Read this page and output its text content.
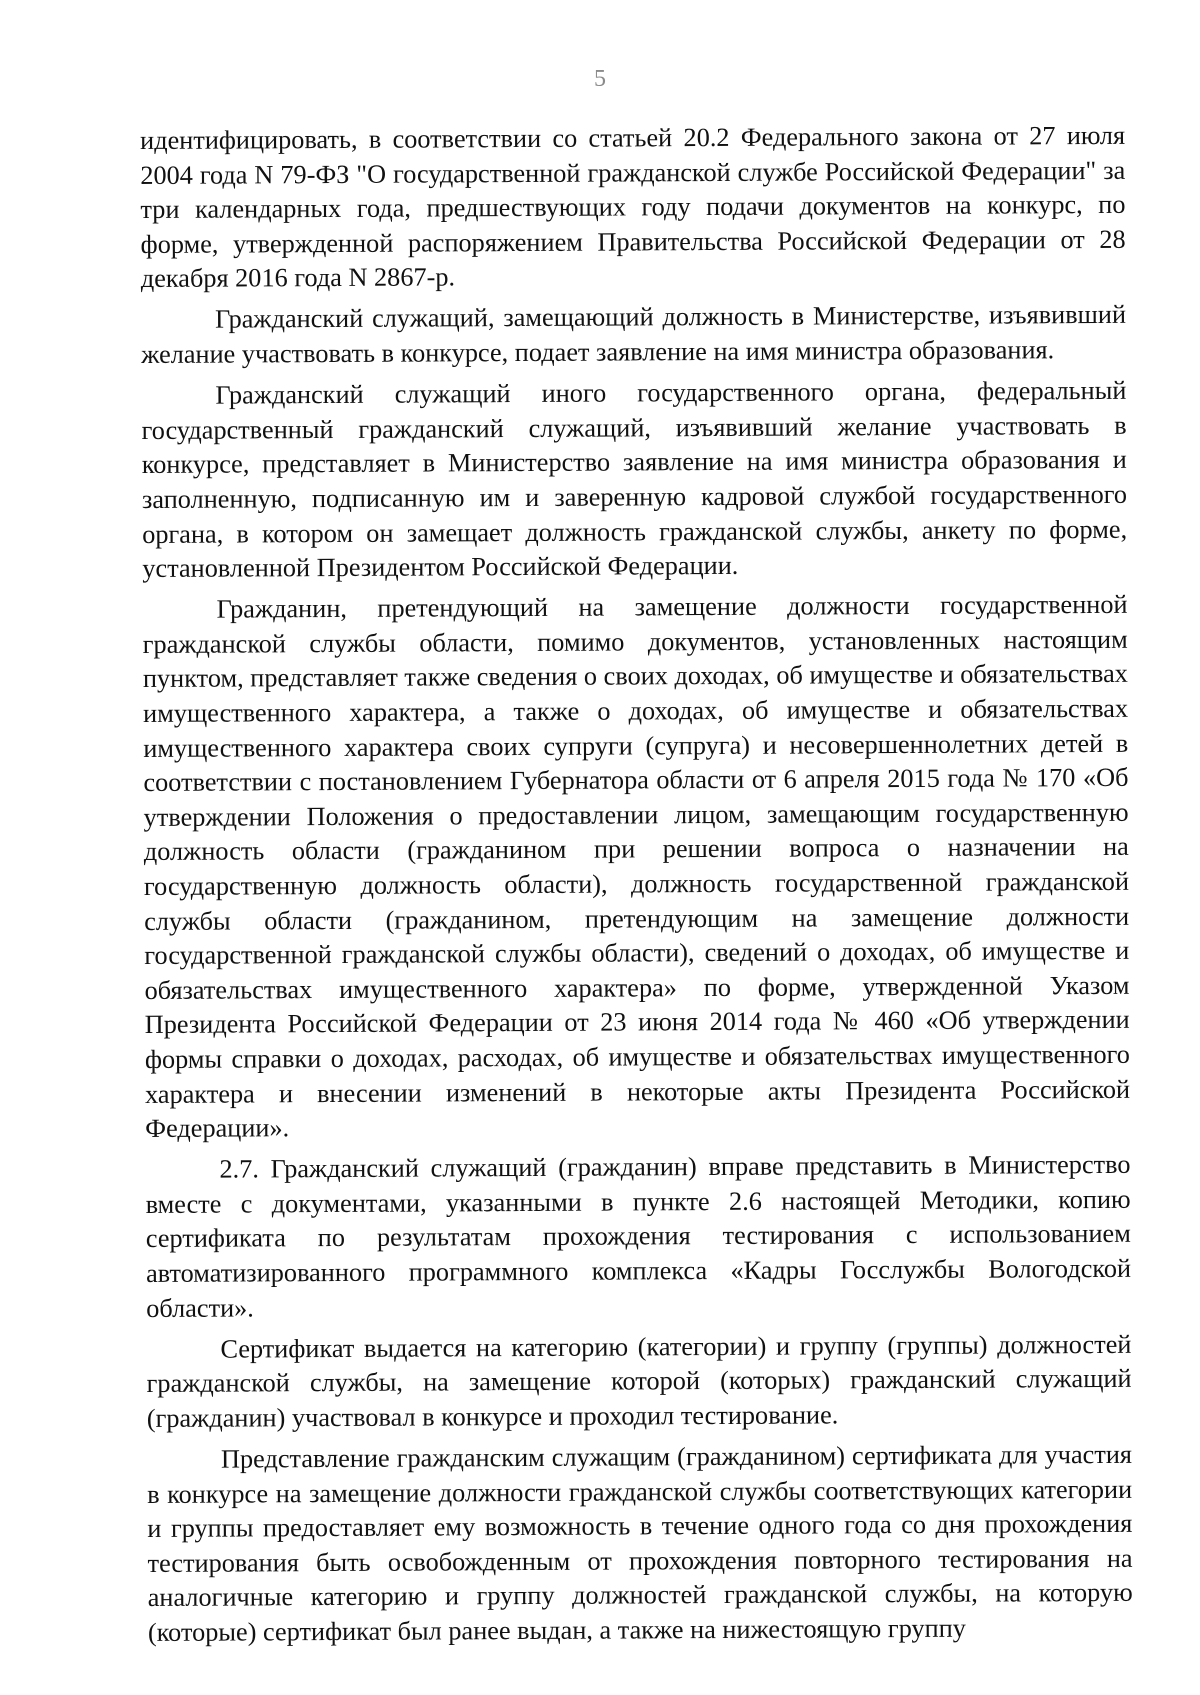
5

идентифицировать, в соответствии со статьей 20.2 Федерального закона от 27 июля 2004 года N 79-ФЗ "О государственной гражданской службе Российской Федерации" за три календарных года, предшествующих году подачи документов на конкурс, по форме, утвержденной распоряжением Правительства Российской Федерации от 28 декабря 2016 года N 2867-р.

Гражданский служащий, замещающий должность в Министерстве, изъявивший желание участвовать в конкурсе, подает заявление на имя министра образования.

Гражданский служащий иного государственного органа, федеральный государственный гражданский служащий, изъявивший желание участвовать в конкурсе, представляет в Министерство заявление на имя министра образования и заполненную, подписанную им и заверенную кадровой службой государственного органа, в котором он замещает должность гражданской службы, анкету по форме, установленной Президентом Российской Федерации.

Гражданин, претендующий на замещение должности государственной гражданской службы области, помимо документов, установленных настоящим пунктом, представляет также сведения о своих доходах, об имуществе и обязательствах имущественного характера, а также о доходах, об имуществе и обязательствах имущественного характера своих супруги (супруга) и несовершеннолетних детей в соответствии с постановлением Губернатора области от 6 апреля 2015 года № 170 «Об утверждении Положения о предоставлении лицом, замещающим государственную должность области (гражданином при решении вопроса о назначении на государственную должность области), должность государственной гражданской службы области (гражданином, претендующим на замещение должности государственной гражданской службы области), сведений о доходах, об имуществе и обязательствах имущественного характера» по форме, утвержденной Указом Президента Российской Федерации от 23 июня 2014 года № 460 «Об утверждении формы справки о доходах, расходах, об имуществе и обязательствах имущественного характера и внесении изменений в некоторые акты Президента Российской Федерации».

2.7. Гражданский служащий (гражданин) вправе представить в Министерство вместе с документами, указанными в пункте 2.6 настоящей Методики, копию сертификата по результатам прохождения тестирования с использованием автоматизированного программного комплекса «Кадры Госслужбы Вологодской области».

Сертификат выдается на категорию (категории) и группу (группы) должностей гражданской службы, на замещение которой (которых) гражданский служащий (гражданин) участвовал в конкурсе и проходил тестирование.

Представление гражданским служащим (гражданином) сертификата для участия в конкурсе на замещение должности гражданской службы соответствующих категории и группы предоставляет ему возможность в течение одного года со дня прохождения тестирования быть освобожденным от прохождения повторного тестирования на аналогичные категорию и группу должностей гражданской службы, на которую (которые) сертификат был ранее выдан, а также на нижестоящую группу
